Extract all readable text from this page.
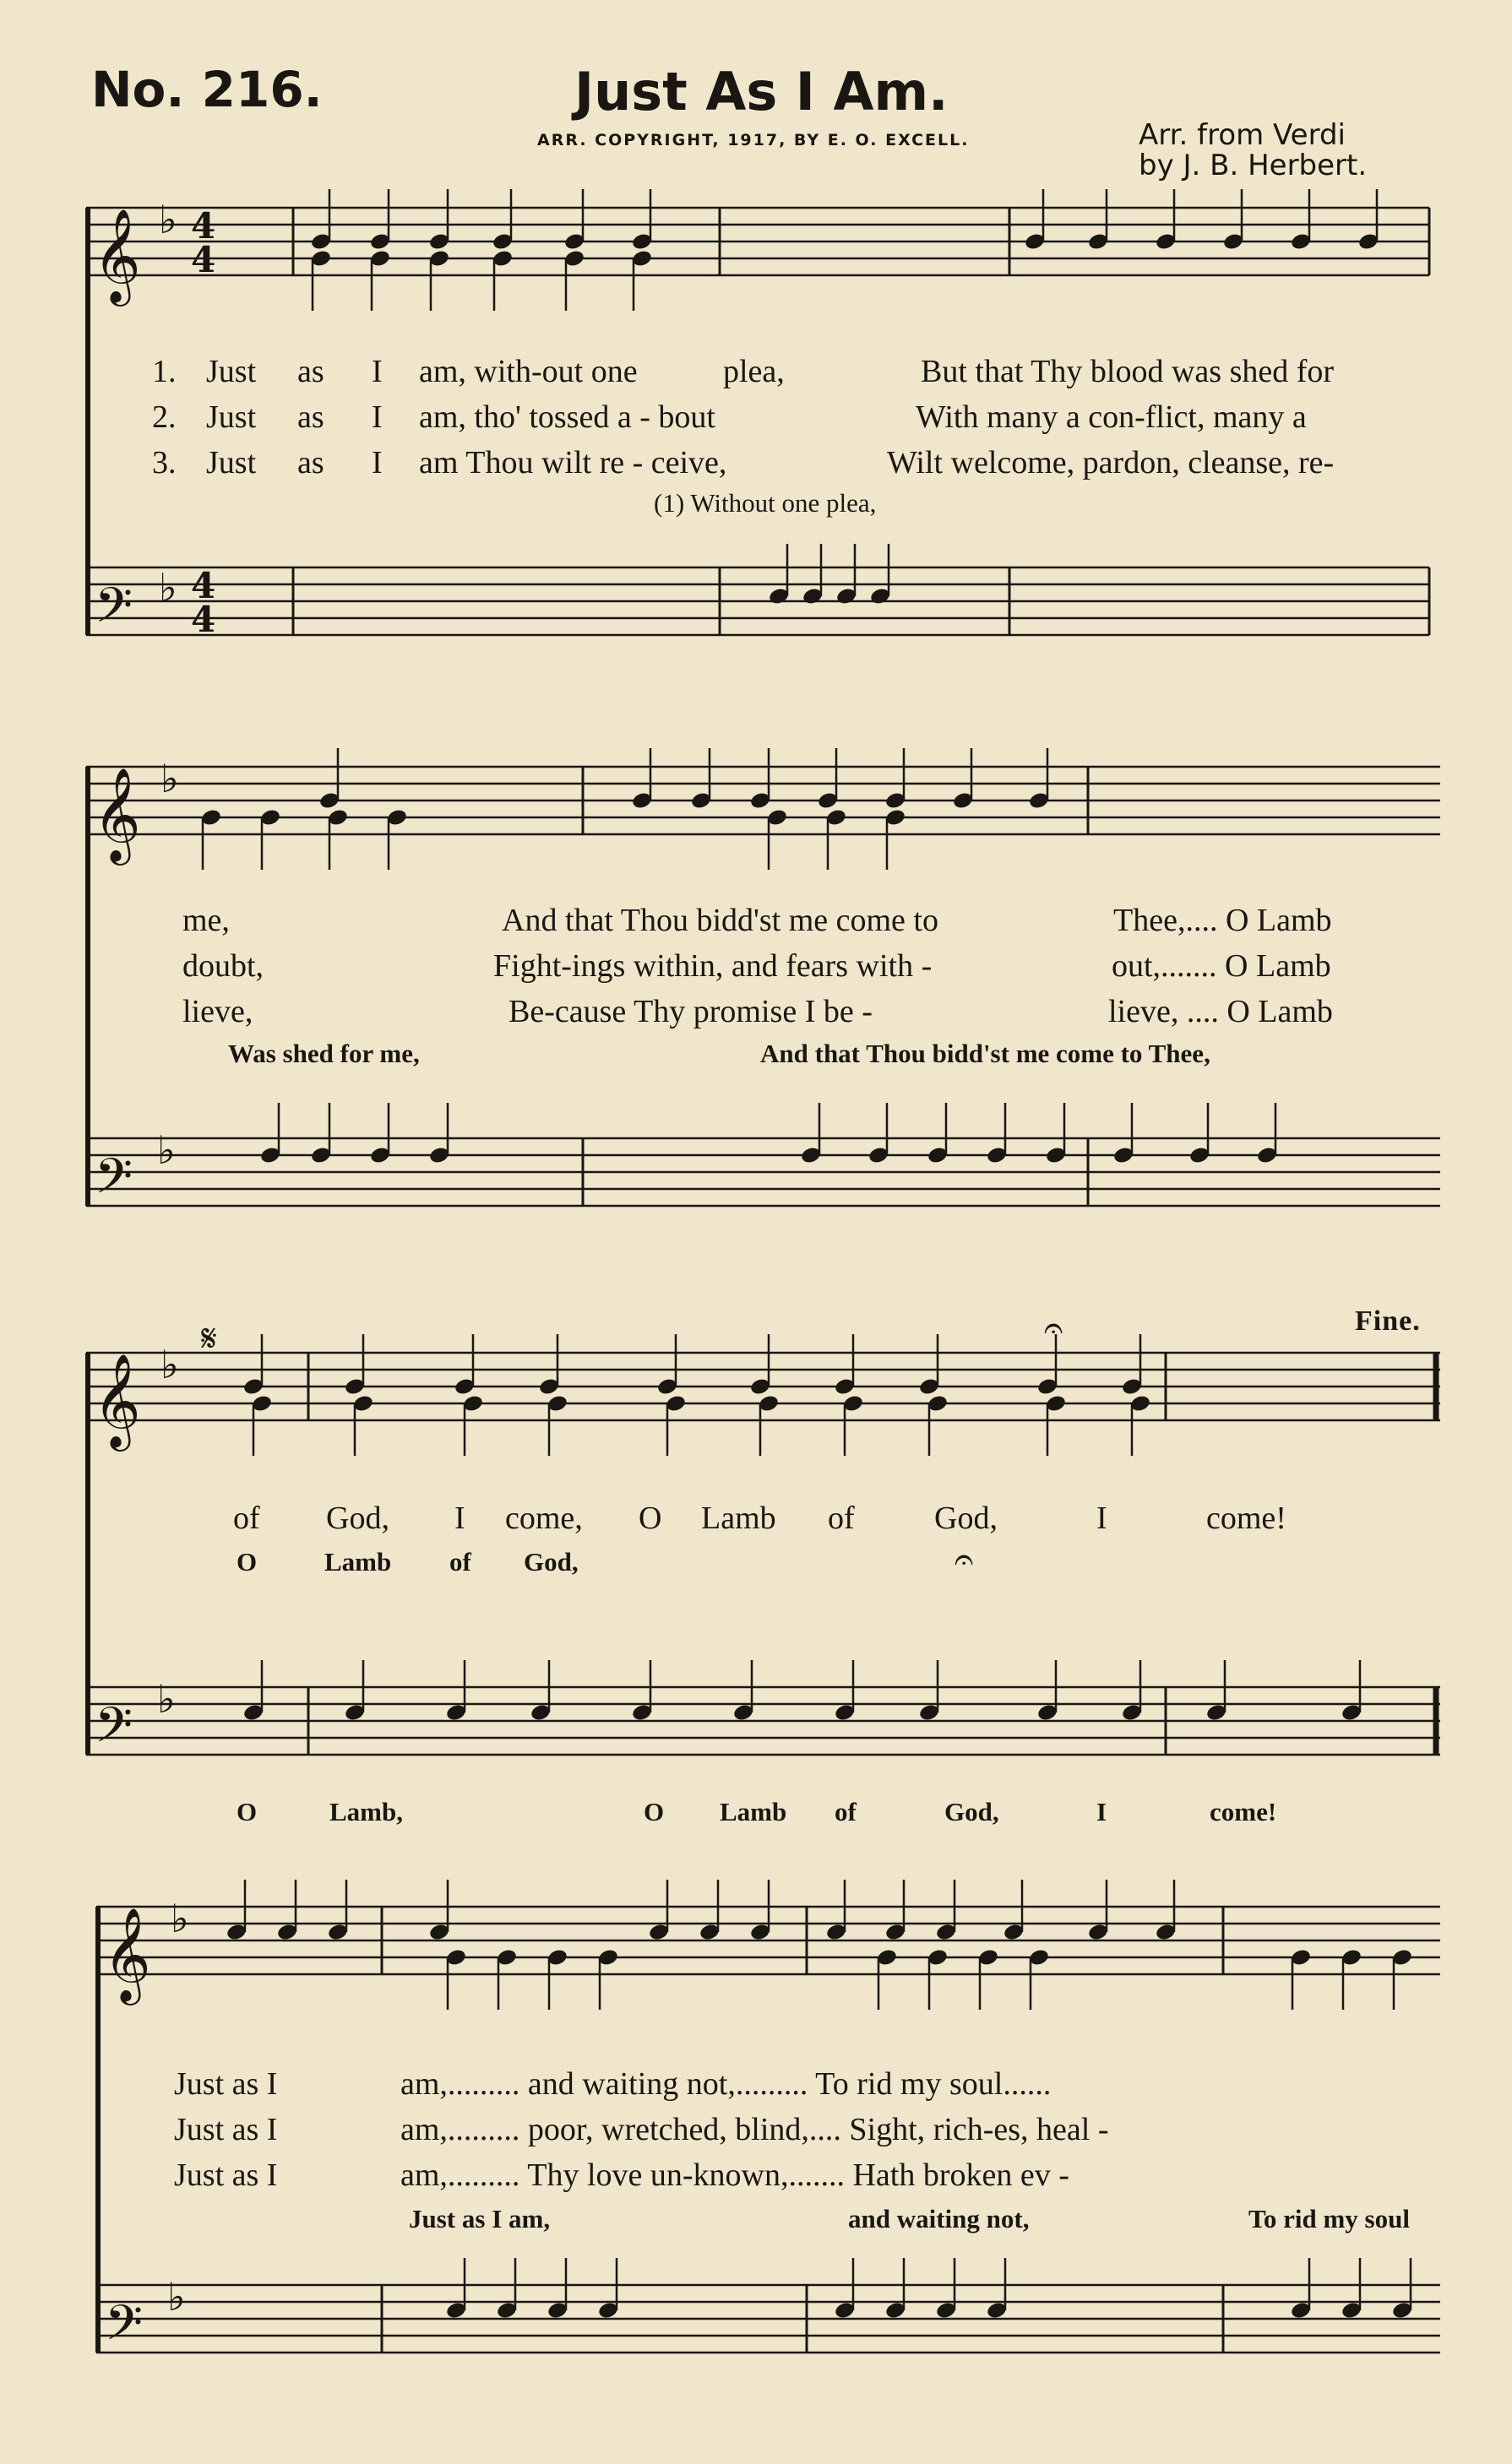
𝄞
𝄢
𝄞
𝄢
𝄞
𝄢
𝄞
𝄢
♭
♭
♭
♭
♭
♭
♭
♭
4
4
4
4
𝄋	𝄐
𝄐
No. 216.	Just As I Am.
ARR. COPYRIGHT, 1917, BY E. O. EXCELL.	Arr. from Verdi
by J. B. Herbert.
1. Just as I am, with-out one	plea,	But that Thy blood was shed for
2. Just as I am, tho' tossed a - bout	With many a con-flict, many a
3. Just as I am Thou wilt re - ceive,	Wilt welcome, pardon, cleanse, re-
(1) Without one plea,
me,	And that Thou bidd'st me come to	Thee,.... O Lamb
doubt,	Fight-ings within, and fears with -	out,....... O Lamb
lieve,	Be-cause Thy promise I be -	lieve, .... O Lamb
Was shed for me,	And that Thou bidd'st me come to Thee,
of God, I come, O Lamb of God,	I	come!
O	Lamb of God,
O	Lamb,	O Lamb of	God,	I	come!
Fine.
Just as I	am,......... and waiting not,......... To rid my soul......
Just as I	am,......... poor, wretched, blind,.... Sight, rich-es, heal -
Just as I	am,......... Thy love un-known,....... Hath broken ev -
Just as I am,	and waiting not,	To rid my soul
